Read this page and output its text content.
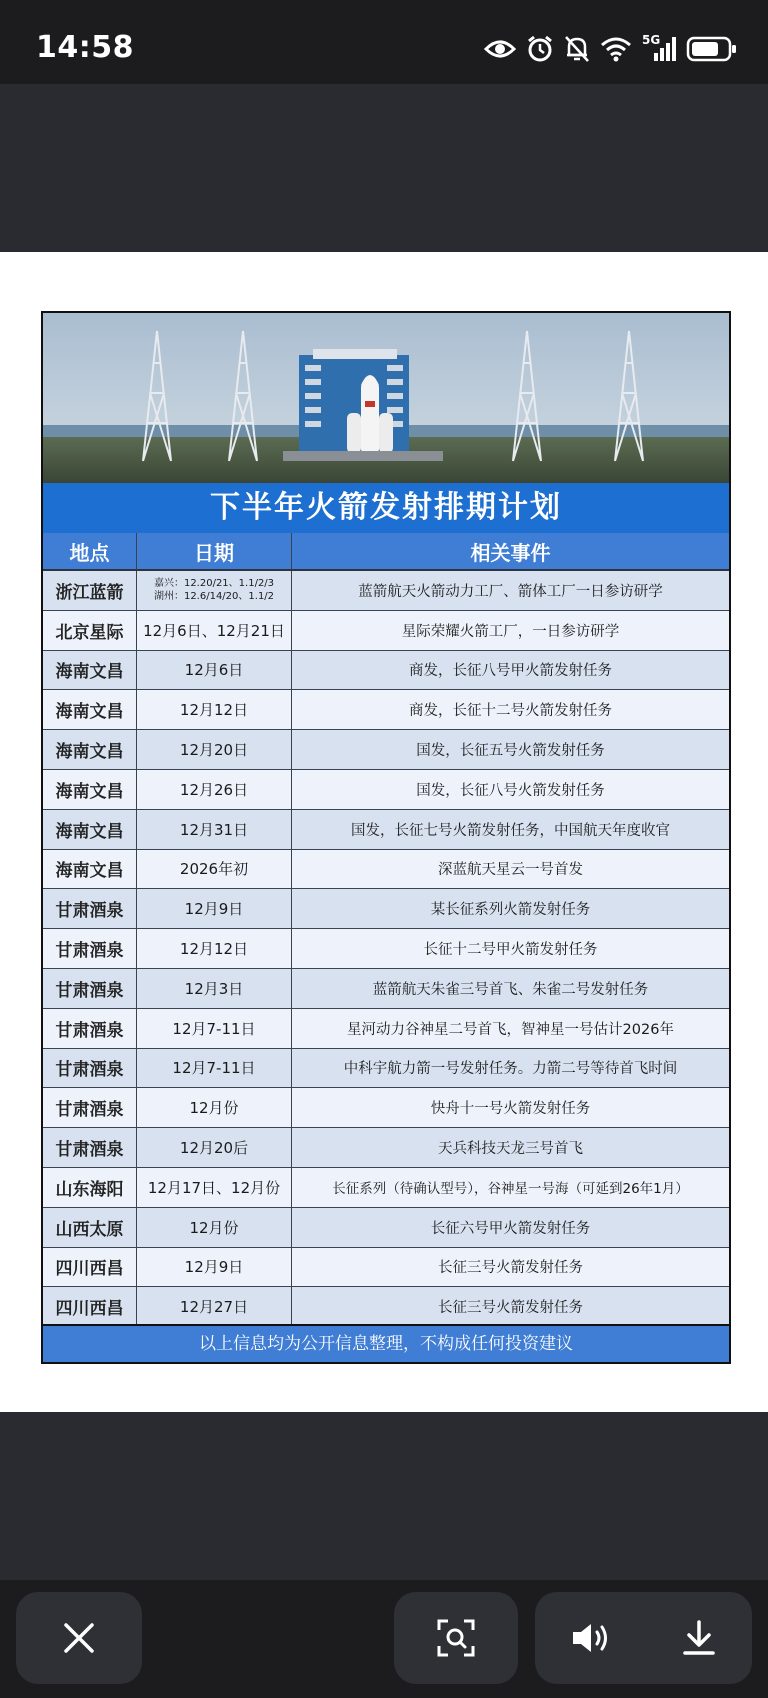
14:58	5G
下半年火箭发射排期计划
地点	日期	相关事件
浙江蓝箭	嘉兴：12.20/21、1.1/2/3
湖州：12.6/14/20、1.1/2	蓝箭航天火箭动力工厂、箭体工厂一日参访研学
北京星际	12月6日、12月21日	星际荣耀火箭工厂，一日参访研学
海南文昌	12月6日	商发，长征八号甲火箭发射任务
海南文昌	12月12日	商发，长征十二号火箭发射任务
海南文昌	12月20日	国发，长征五号火箭发射任务
海南文昌	12月26日	国发，长征八号火箭发射任务
海南文昌	12月31日	国发，长征七号火箭发射任务，中国航天年度收官
海南文昌	2026年初	深蓝航天星云一号首发
甘肃酒泉	12月9日	某长征系列火箭发射任务
甘肃酒泉	12月12日	长征十二号甲火箭发射任务
甘肃酒泉	12月3日	蓝箭航天朱雀三号首飞、朱雀二号发射任务
甘肃酒泉	12月7-11日	星河动力谷神星二号首飞，智神星一号估计2026年
甘肃酒泉	12月7-11日	中科宇航力箭一号发射任务。力箭二号等待首飞时间
甘肃酒泉	12月份	快舟十一号火箭发射任务
甘肃酒泉	12月20后	天兵科技天龙三号首飞
山东海阳	12月17日、12月份	长征系列（待确认型号），谷神星一号海（可延到26年1月）
山西太原	12月份	长征六号甲火箭发射任务
四川西昌	12月9日	长征三号火箭发射任务
四川西昌	12月27日	长征三号火箭发射任务
以上信息均为公开信息整理，不构成任何投资建议
